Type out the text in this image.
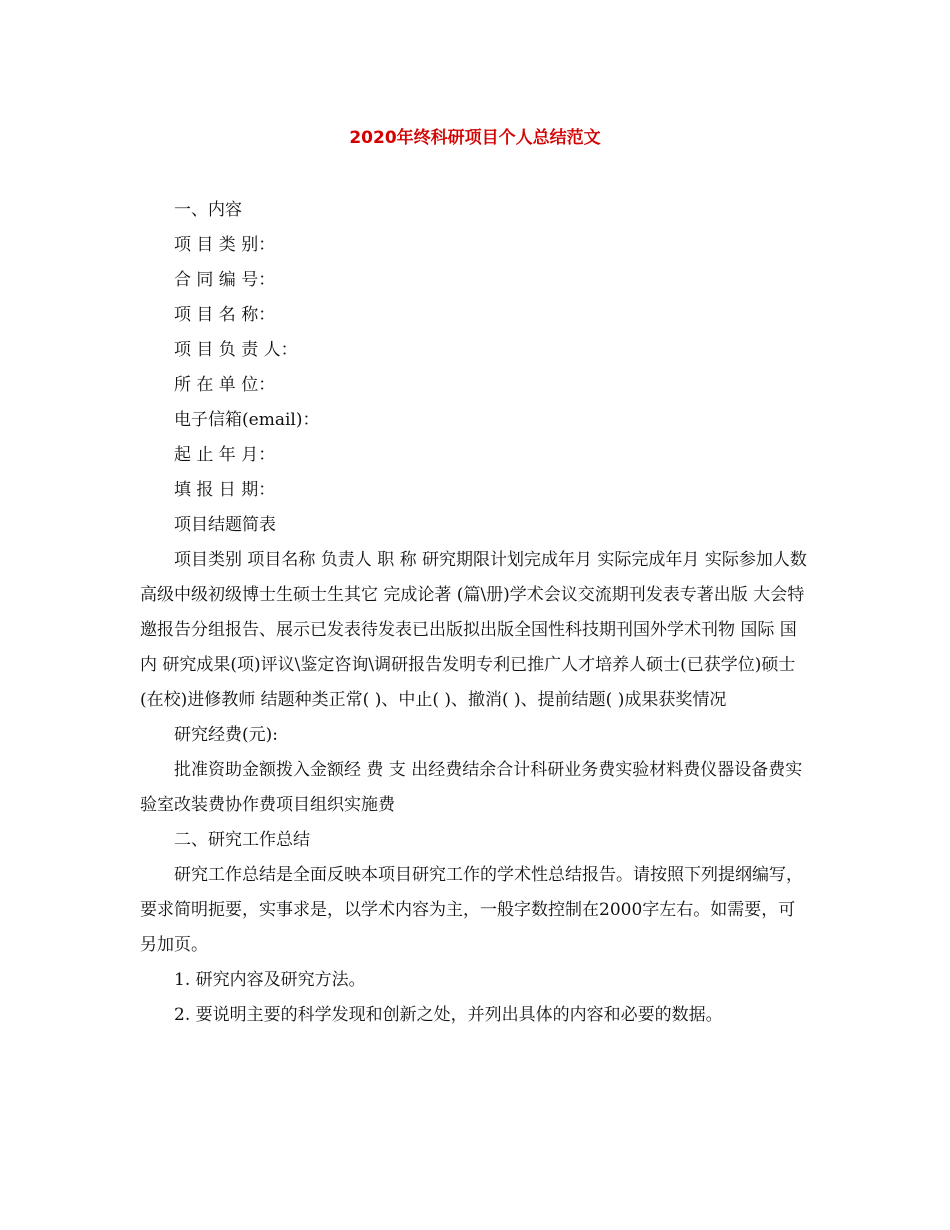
2020年终科研项目个人总结范文

一、内容

项 目 类 别：

合 同 编 号：

项 目 名 称：

项 目 负 责 人：

所 在 单 位：

电子信箱(email)：

起 止 年 月：

填 报 日 期：

项目结题简表

项目类别 项目名称 负责人 职 称 研究期限计划完成年月 实际完成年月 实际参加人数高级中级初级博士生硕士生其它 完成论著 (篇\册)学术会议交流期刊发表专著出版 大会特邀报告分组报告、展示已发表待发表已出版拟出版全国性科技期刊国外学术刊物 国际 国内 研究成果(项)评议\鉴定咨询\调研报告发明专利已推广人才培养人硕士(已获学位)硕士(在校)进修教师 结题种类正常( )、中止( )、撤消( )、提前结题( )成果获奖情况

研究经费(元):

批准资助金额拨入金额经 费 支 出经费结余合计科研业务费实验材料费仪器设备费实验室改装费协作费项目组织实施费

二、研究工作总结

研究工作总结是全面反映本项目研究工作的学术性总结报告。请按照下列提纲编写，要求简明扼要，实事求是，以学术内容为主，一般字数控制在2000字左右。如需要，可另加页。

1. 研究内容及研究方法。

2. 要说明主要的科学发现和创新之处，并列出具体的内容和必要的数据。
